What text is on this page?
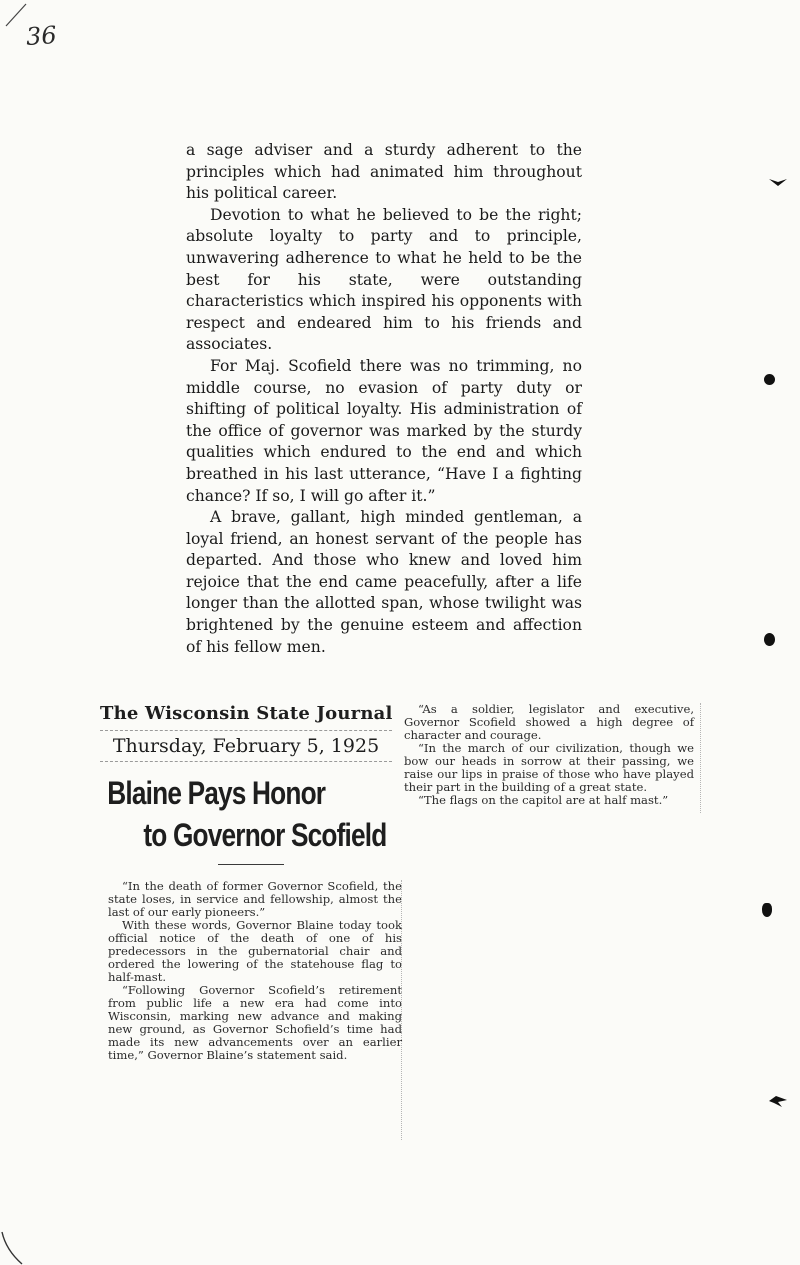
36

a sage adviser and a sturdy adherent to the principles which had animated him throughout his political career.

Devotion to what he believed to be the right; absolute loyalty to party and to principle, unwavering adherence to what he held to be the best for his state, were outstanding characteristics which inspired his opponents with respect and endeared him to his friends and associates.

For Maj. Scofield there was no trimming, no middle course, no evasion of party duty or shifting of political loyalty. His administration of the office of governor was marked by the sturdy qualities which endured to the end and which breathed in his last utterance, “Have I a fighting chance? If so, I will go after it.”

A brave, gallant, high minded gentleman, a loyal friend, an honest servant of the people has departed. And those who knew and loved him rejoice that the end came peacefully, after a life longer than the allotted span, whose twilight was brightened by the genuine esteem and affection of his fellow men.

The Wisconsin State Journal
Thursday, February 5, 1925
Blaine Pays Honor
to Governor Scofield

“In the death of former Governor Scofield, the state loses, in service and fellowship, almost the last of our early pioneers.”

With these words, Governor Blaine today took official notice of the death of one of his predecessors in the gubernatorial chair and ordered the lowering of the statehouse flag to half-mast.

“Following Governor Scofield’s retirement from public life a new era had come into Wisconsin, marking new advance and making new ground, as Governor Schofield’s time had made its new advancements over an earlier time,” Governor Blaine’s statement said.

“As a soldier, legislator and executive, Governor Scofield showed a high degree of character and courage.

“In the march of our civilization, though we bow our heads in sorrow at their passing, we raise our lips in praise of those who have played their part in the building of a great state.

“The flags on the capitol are at half mast.”
